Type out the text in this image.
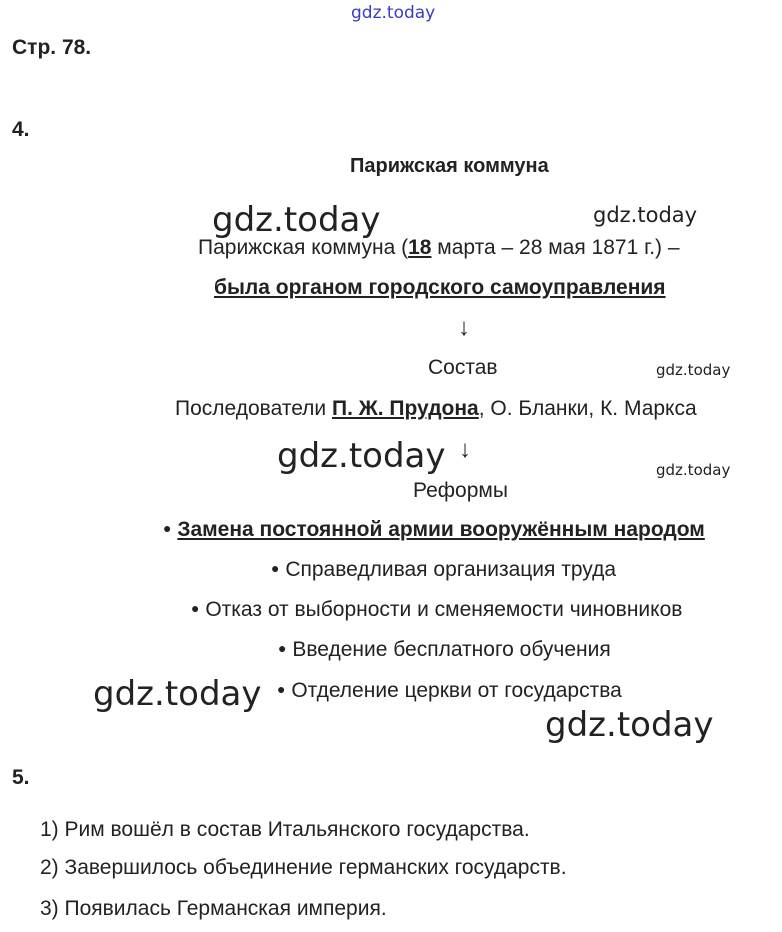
gdz.today
Стр. 78.
4.
Парижская коммуна
gdz.today	gdz.today
Парижская коммуна (18 марта – 28 мая 1871 г.) –
была органом городского самоуправления
↓
Состав	gdz.today
Последователи П. Ж. Прудона, О. Бланки, К. Маркса
gdz.today ↓
gdz.today
Реформы
● Замена постоянной армии вооружённым народом
● Справедливая организация труда
● Отказ от выборности и сменяемости чиновников
● Введение бесплатного обучения
gdz.today ● Отделение церкви от государства
gdz.today
5.
1) Рим вошёл в состав Итальянского государства.
2) Завершилось объединение германских государств.
3) Появилась Германская империя.
